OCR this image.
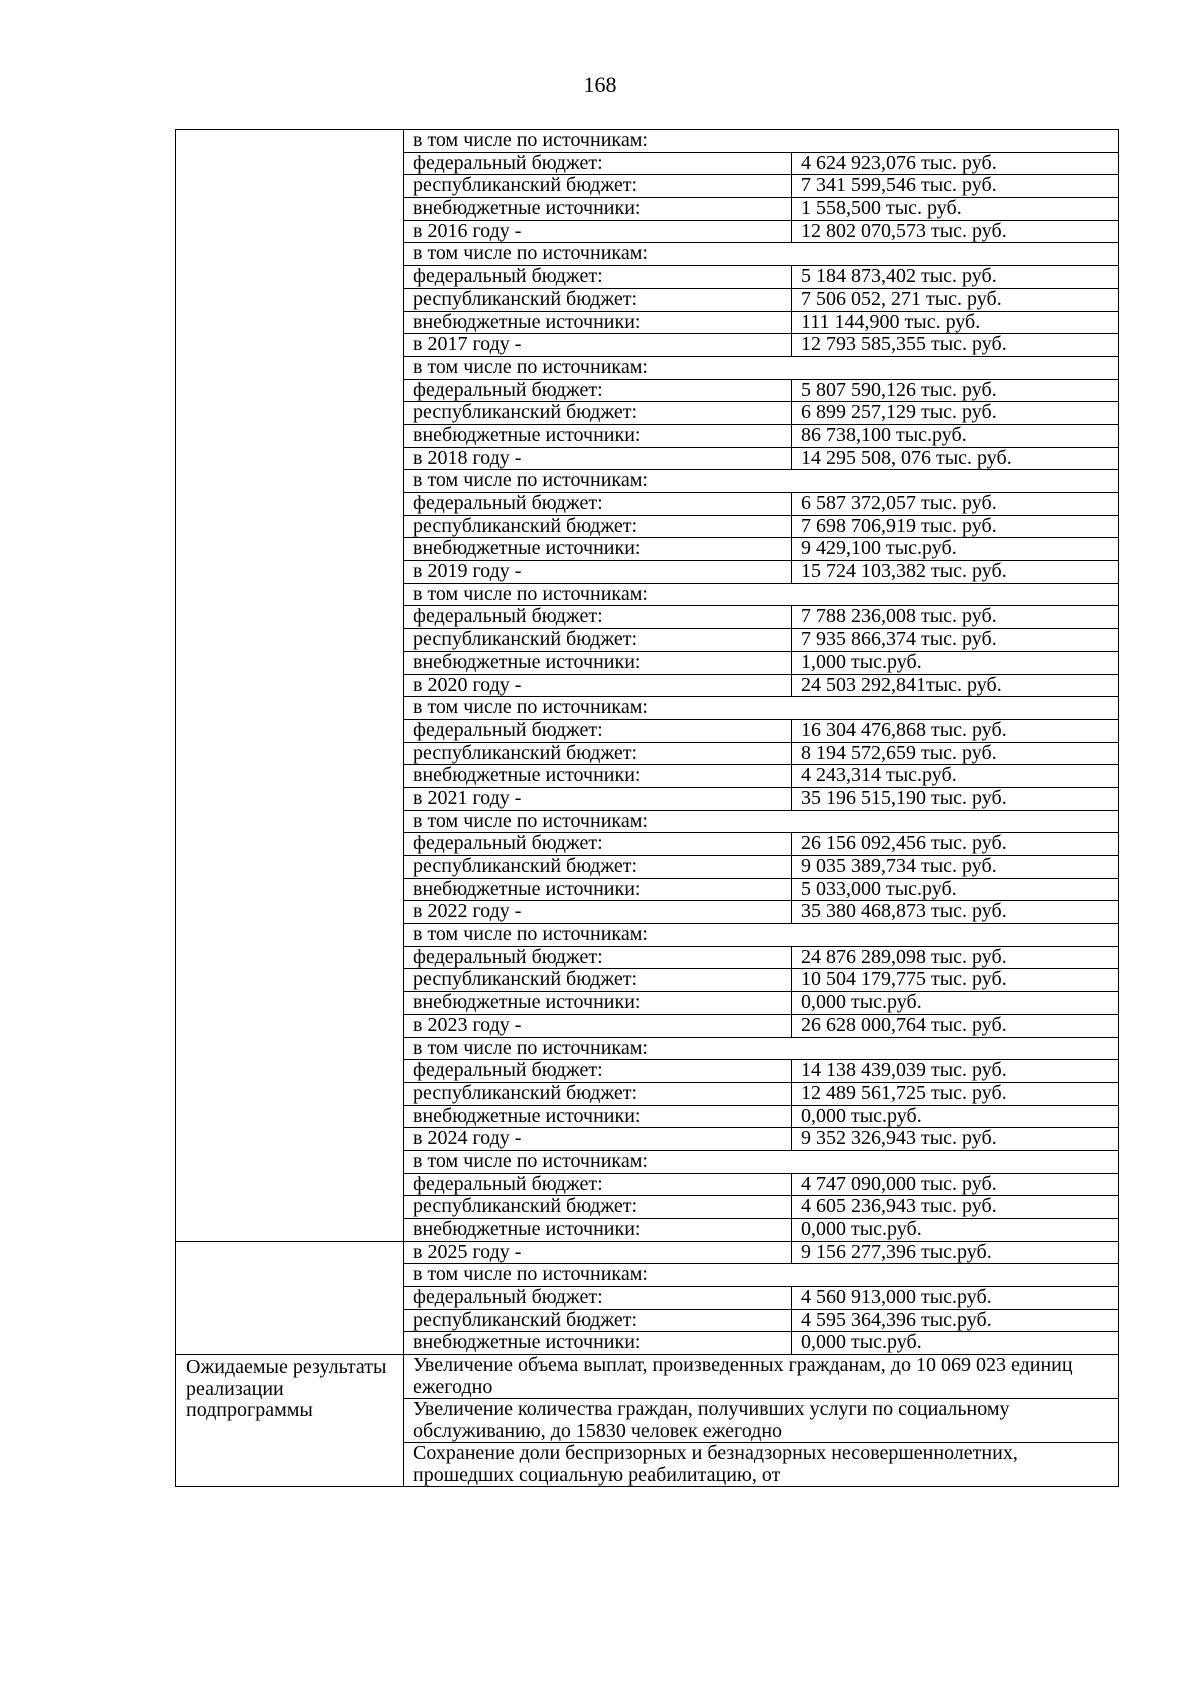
168
	в том числе по источникам:	
	федеральный бюджет:	4 624 923,076 тыс. руб.
	республиканский бюджет:	7 341 599,546 тыс. руб.
	внебюджетные источники:	1 558,500 тыс. руб.
	в 2016 году -	12 802 070,573 тыс. руб.
	в том числе по источникам:	
	федеральный бюджет:	5 184 873,402 тыс. руб.
	республиканский бюджет:	7 506 052, 271 тыс. руб.
	внебюджетные источники:	111 144,900 тыс. руб.
	в 2017 году -	12 793 585,355 тыс. руб.
	в том числе по источникам:	
	федеральный бюджет:	5 807 590,126 тыс. руб.
	республиканский бюджет:	6 899 257,129 тыс. руб.
	внебюджетные источники:	86 738,100 тыс.руб.
	в 2018 году -	14 295 508, 076 тыс. руб.
	в том числе по источникам:	
	федеральный бюджет:	6 587 372,057 тыс. руб.
	республиканский бюджет:	7 698 706,919 тыс. руб.
	внебюджетные источники:	9 429,100 тыс.руб.
	в 2019 году -	15 724 103,382 тыс. руб.
	в том числе по источникам:	
	федеральный бюджет:	7 788 236,008 тыс. руб.
	республиканский бюджет:	7 935 866,374 тыс. руб.
	внебюджетные источники:	1,000 тыс.руб.
	в 2020 году -	24 503 292,841тыс. руб.
	в том числе по источникам:	
	федеральный бюджет:	16 304 476,868 тыс. руб.
	республиканский бюджет:	8 194 572,659 тыс. руб.
	внебюджетные источники:	4 243,314 тыс.руб.
	в 2021 году -	35 196 515,190 тыс. руб.
	в том числе по источникам:	
	федеральный бюджет:	26 156 092,456 тыс. руб.
	республиканский бюджет:	9 035 389,734 тыс. руб.
	внебюджетные источники:	5 033,000 тыс.руб.
	в 2022 году -	35 380 468,873 тыс. руб.
	в том числе по источникам:	
	федеральный бюджет:	24 876 289,098 тыс. руб.
	республиканский бюджет:	10 504 179,775 тыс. руб.
	внебюджетные источники:	0,000 тыс.руб.
	в 2023 году -	26 628 000,764 тыс. руб.
	в том числе по источникам:	
	федеральный бюджет:	14 138 439,039 тыс. руб.
	республиканский бюджет:	12 489 561,725 тыс. руб.
	внебюджетные источники:	0,000 тыс.руб.
	в 2024 году -	9 352 326,943 тыс. руб.
	в том числе по источникам:	
	федеральный бюджет:	4 747 090,000 тыс. руб.
	республиканский бюджет:	4 605 236,943 тыс. руб.
	внебюджетные источники:	0,000 тыс.руб.
	в 2025 году -	9 156 277,396 тыс.руб.
	в том числе по источникам:	
	федеральный бюджет:	4 560 913,000 тыс.руб.
	республиканский бюджет:	4 595 364,396 тыс.руб.
	внебюджетные источники:	0,000 тыс.руб.
Ожидаемые результаты реализации подпрограммы	Увеличение объема выплат, произведенных гражданам, до 10 069 023 единиц ежегодно	
	Увеличение количества граждан, получивших услуги по социальному обслуживанию, до 15830 человек ежегодно	
	Сохранение доли беспризорных и безнадзорных несовершеннолетних, прошедших социальную реабилитацию, от	
